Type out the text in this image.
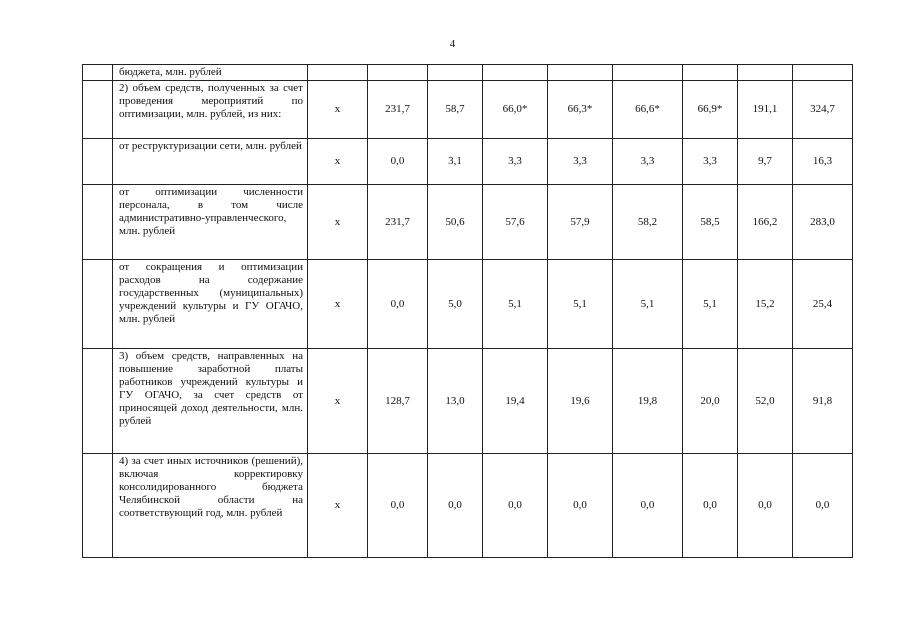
4
	бюджета, млн. рублей									
	2) объем средств, полученных за счет проведения мероприятий по оптимизации, млн. рублей, из них:	х	231,7	58,7	66,0*	66,3*	66,6*	66,9*	191,1	324,7
	от реструктуризации сети, млн. рублей	х	0,0	3,1	3,3	3,3	3,3	3,3	9,7	16,3
	от оптимизации численности персонала, в том числе административно-управленческого, млн. рублей	х	231,7	50,6	57,6	57,9	58,2	58,5	166,2	283,0
	от сокращения и оптимизации расходов на содержание государственных (муниципальных) учреждений культуры и ГУ ОГАЧО, млн. рублей	х	0,0	5,0	5,1	5,1	5,1	5,1	15,2	25,4
	3) объем средств, направленных на повышение заработной платы работников учреждений культуры и ГУ ОГАЧО, за счет средств от приносящей доход деятельности, млн. рублей	х	128,7	13,0	19,4	19,6	19,8	20,0	52,0	91,8
	4) за счет иных источников (решений), включая корректировку консолидированного бюджета Челябинской области на соответствующий год, млн. рублей	х	0,0	0,0	0,0	0,0	0,0	0,0	0,0	0,0
